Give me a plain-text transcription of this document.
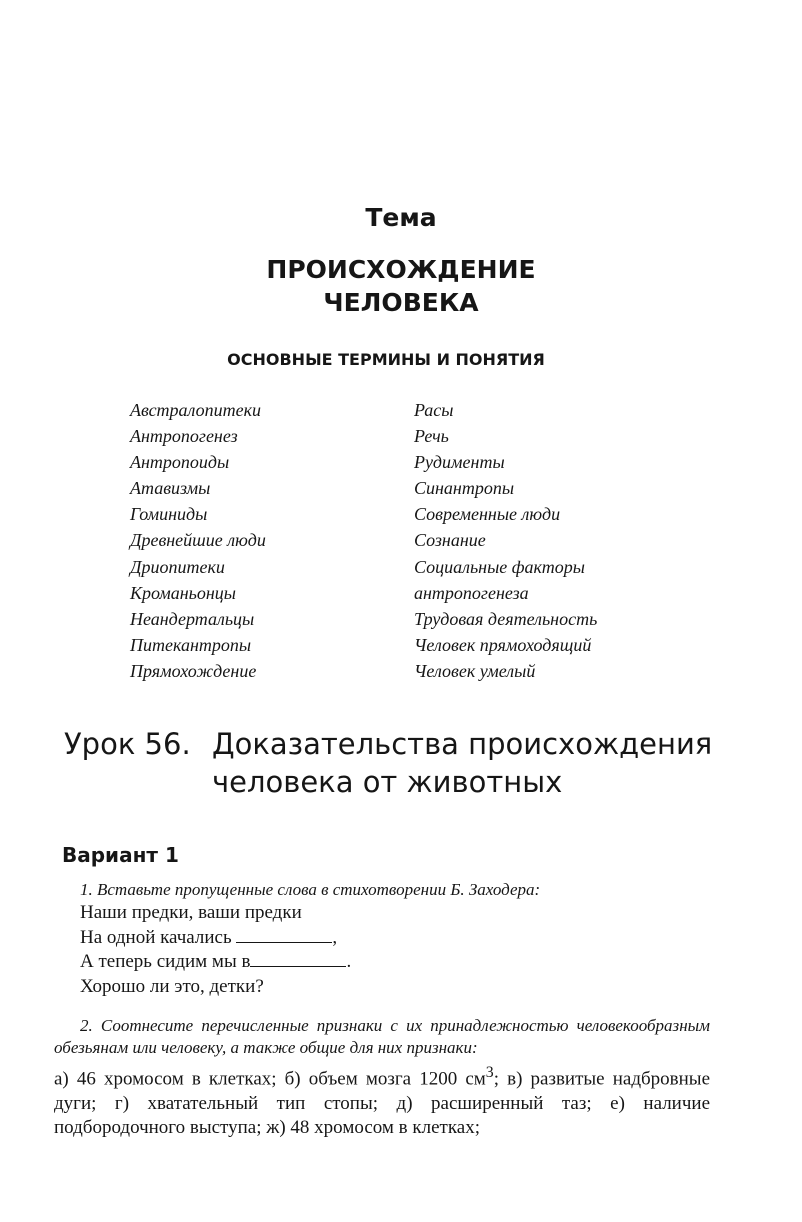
Тема
ПРОИСХОЖДЕНИЕ
ЧЕЛОВЕКА
ОСНОВНЫЕ ТЕРМИНЫ И ПОНЯТИЯ
Австралопитеки
Антропогенез
Антропоиды
Атавизмы
Гоминиды
Древнейшие люди
Дриопитеки
Кроманьонцы
Неандертальцы
Питекантропы
Прямохождение
Расы
Речь
Рудименты
Синантропы
Современные люди
Сознание
Социальные факторы
антропогенеза
Трудовая деятельность
Человек прямоходящий
Человек умелый
Урок 56. Доказательства происхождения
человека от животных
Вариант 1
1. Вставьте пропущенные слова в стихотворении Б. Заходера:
Наши предки, ваши предки
На одной качались	,
А теперь сидим мы в	.
Хорошо ли это, детки?

2. Соотнесите перечисленные признаки с их принадлежностью человекообразным обезьянам или человеку, а также общие для них признаки:

а) 46 хромосом в клетках; б) объем мозга 1200 $см^3$; в) развитые надбровные дуги; г) хватательный тип стопы; д) расширенный таз; е) наличие подбородочного выступа; ж) 48 хромосом в клетках;
